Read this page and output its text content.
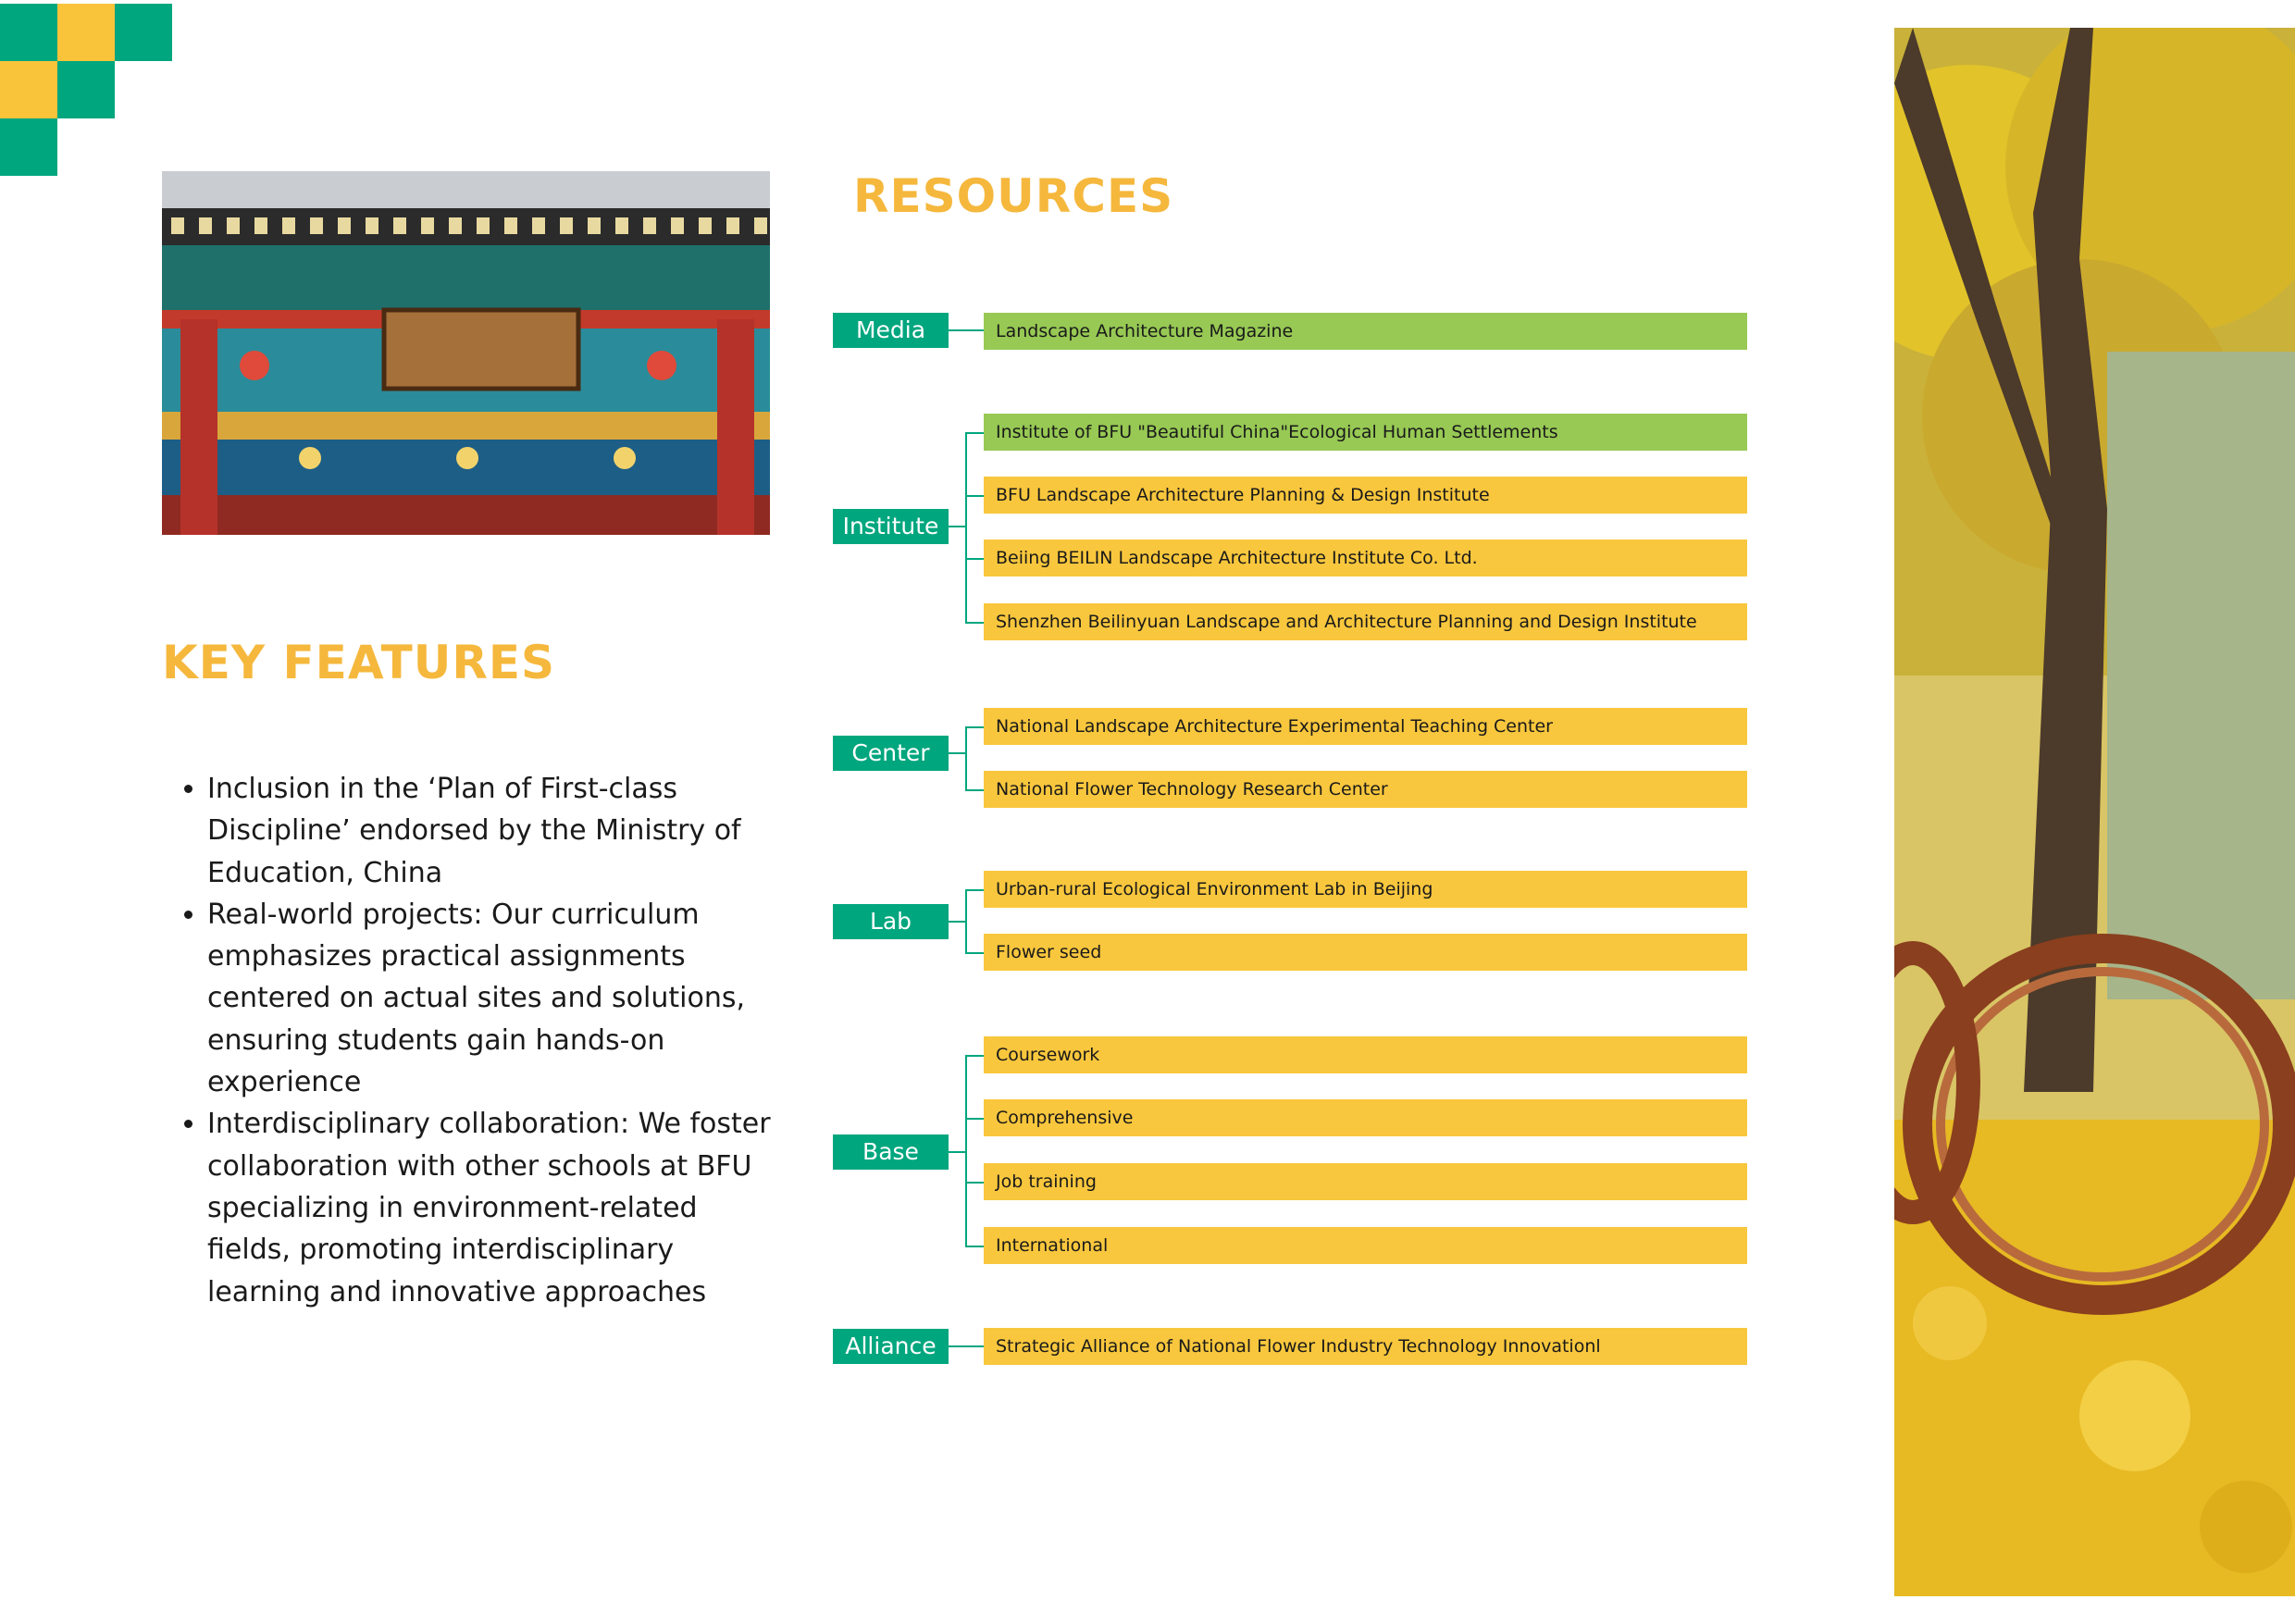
RESOURCES
KEY FEATURES
• Inclusion in the ‘Plan of First-class Discipline’ endorsed by the Ministry of Education, China
• Real-world projects: Our curriculum emphasizes practical assignments centered on actual sites and solutions, ensuring students gain hands-on experience
• Interdisciplinary collaboration: We foster collaboration with other schools at BFU specializing in environment-related fields, promoting interdisciplinary learning and innovative approaches
Media	Landscape Architecture Magazine
Institute
Institute of BFU "Beautiful China"Ecological Human Settlements
BFU Landscape Architecture Planning & Design Institute
Beiing BEILIN Landscape Architecture Institute Co. Ltd.
Shenzhen Beilinyuan Landscape and Architecture Planning and Design Institute
Center
National Landscape Architecture Experimental Teaching Center
National Flower Technology Research Center
Lab
Urban-rural Ecological Environment Lab in Beijing
Flower seed
Base
Coursework
Comprehensive
Job training
International
Alliance	Strategic Alliance of National Flower Industry Technology Innovationl
